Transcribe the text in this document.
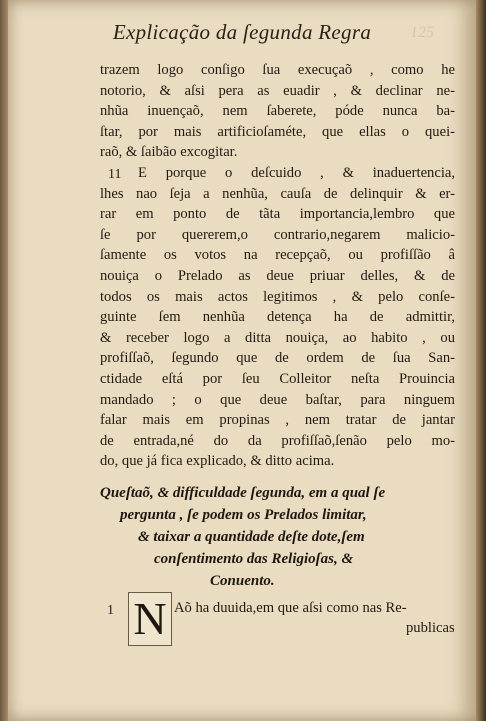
125
Explicação da ſegunda Regra
trazem logo conſigo ſua execuçaõ , como he
notorio, & aſsi pera as euadir , & declinar ne-
nhũa inuençaõ, nem ſaberete, póde nunca ba-
ſtar, por mais artificioſaméte, que ellas o quei-
raõ, & ſaibão excogitar.
11 E porque o deſcuido , & inaduertencia,
lhes nao ſeja a nenhũa, cauſa de delinquir & er-
rar em ponto de tãta importancia,lembro que
ſe por quererem,o contrario,negarem malicio-
ſamente os votos na recepçaõ, ou profiſſão â
nouiça o Prelado as deue priuar delles, & de
todos os mais actos legitimos , & pelo conſe-
guinte ſem nenhũa detença ha de admittir,
& receber logo a ditta nouiça, ao habito , ou
profiſſaõ, ſegundo que de ordem de ſua San-
ctidade eſtá por ſeu Colleitor neſta Prouincia
mandado ; o que deue baſtar, para ninguem
falar mais em propinas , nem tratar de jantar
de entrada,né do da profiſſaõ,ſenão pelo mo-
do, que já fica explicado, & ditto acima.
Queſtaõ, & difficuldade ſegunda, em a qual ſe
pergunta , ſe podem os Prelados limitar,
& taixar a quantidade deſte dote,ſem
conſentimento das Religioſas, &
Conuento.
1 N Aõ ha duuida,em que aſsi como nas Re-
publicas
